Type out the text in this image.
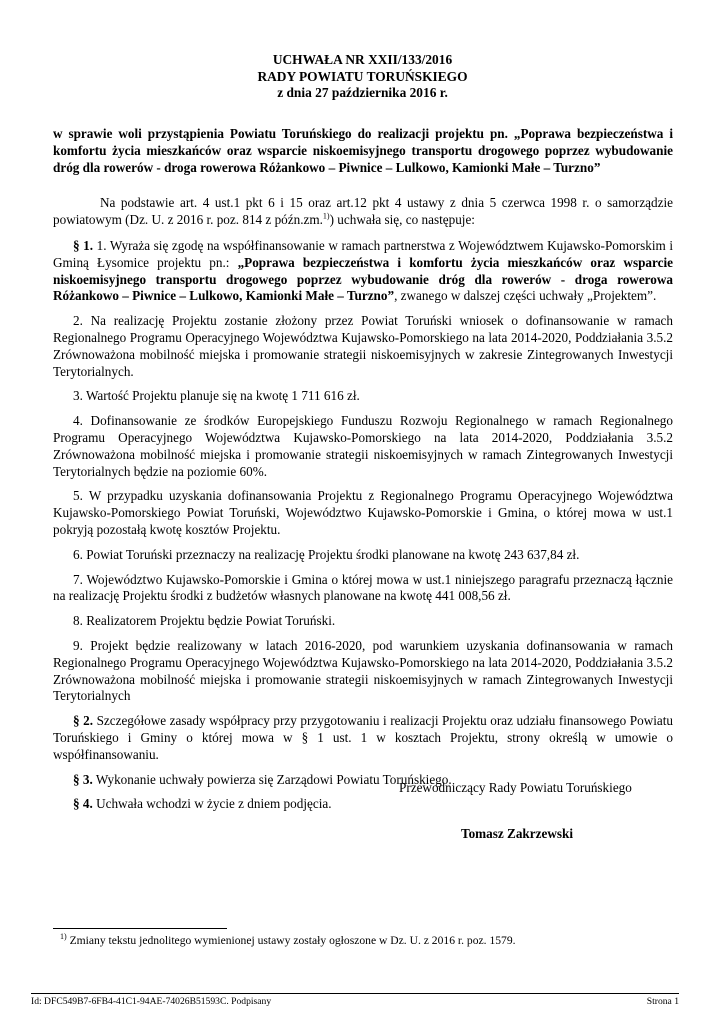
UCHWAŁA NR XXII/133/2016
RADY POWIATU TORUŃSKIEGO
z dnia 27 października 2016 r.
w sprawie woli przystąpienia Powiatu Toruńskiego do realizacji projektu pn. „Poprawa bezpieczeństwa i komfortu życia mieszkańców oraz wsparcie niskoemisyjnego transportu drogowego poprzez wybudowanie dróg dla rowerów - droga rowerowa Różankowo – Piwnice – Lulkowo, Kamionki Małe – Turzno”
Na podstawie art. 4 ust.1 pkt 6 i 15 oraz art.12 pkt 4 ustawy z dnia 5 czerwca 1998 r. o samorządzie powiatowym (Dz. U. z 2016 r. poz. 814 z późn.zm.$^{1)}$) uchwała się, co następuje:

§ 1. 1. Wyraża się zgodę na współfinansowanie w ramach partnerstwa z Województwem Kujawsko-Pomorskim i Gminą Łysomice projektu pn.: „Poprawa bezpieczeństwa i komfortu życia mieszkańców oraz wsparcie niskoemisyjnego transportu drogowego poprzez wybudowanie dróg dla rowerów - droga rowerowa Różankowo – Piwnice – Lulkowo, Kamionki Małe – Turzno”, zwanego w dalszej części uchwały „Projektem”.

2. Na realizację Projektu zostanie złożony przez Powiat Toruński wniosek o dofinansowanie w ramach Regionalnego Programu Operacyjnego Województwa Kujawsko-Pomorskiego na lata 2014-2020, Poddziałania 3.5.2 Zrównoważona mobilność miejska i promowanie strategii niskoemisyjnych w zakresie Zintegrowanych Inwestycji Terytorialnych.

3. Wartość Projektu planuje się na kwotę 1 711 616 zł.

4. Dofinansowanie ze środków Europejskiego Funduszu Rozwoju Regionalnego w ramach Regionalnego Programu Operacyjnego Województwa Kujawsko-Pomorskiego na lata 2014-2020, Poddziałania 3.5.2 Zrównoważona mobilność miejska i promowanie strategii niskoemisyjnych w ramach Zintegrowanych Inwestycji Terytorialnych będzie na poziomie 60%.

5. W przypadku uzyskania dofinansowania Projektu z Regionalnego Programu Operacyjnego Województwa Kujawsko-Pomorskiego Powiat Toruński, Województwo Kujawsko-Pomorskie i Gmina, o której mowa w ust.1 pokryją pozostałą kwotę kosztów Projektu.

6. Powiat Toruński przeznaczy na realizację Projektu środki planowane na kwotę 243 637,84 zł.

7. Województwo Kujawsko-Pomorskie i Gmina o której mowa w ust.1 niniejszego paragrafu przeznaczą łącznie na realizację Projektu środki z budżetów własnych planowane na kwotę 441 008,56 zł.

8. Realizatorem Projektu będzie Powiat Toruński.

9. Projekt będzie realizowany w latach 2016-2020, pod warunkiem uzyskania dofinansowania w ramach Regionalnego Programu Operacyjnego Województwa Kujawsko-Pomorskiego na lata 2014-2020, Poddziałania 3.5.2 Zrównoważona mobilność miejska i promowanie strategii niskoemisyjnych w ramach Zintegrowanych Inwestycji Terytorialnych

§ 2. Szczegółowe zasady współpracy przy przygotowaniu i realizacji Projektu oraz udziału finansowego Powiatu Toruńskiego i Gminy o której mowa w § 1 ust. 1 w kosztach Projektu, strony określą w umowie o współfinansowaniu.

§ 3. Wykonanie uchwały powierza się Zarządowi Powiatu Toruńskiego.

§ 4. Uchwała wchodzi w życie z dniem podjęcia.

Przewodniczący Rady Powiatu Toruńskiego
Tomasz Zakrzewski
$^{1)}$ Zmiany tekstu jednolitego wymienionej ustawy zostały ogłoszone w Dz. U. z 2016 r. poz. 1579.
Id: DFC549B7-6FB4-41C1-94AE-74026B51593C. Podpisany	Strona 1
